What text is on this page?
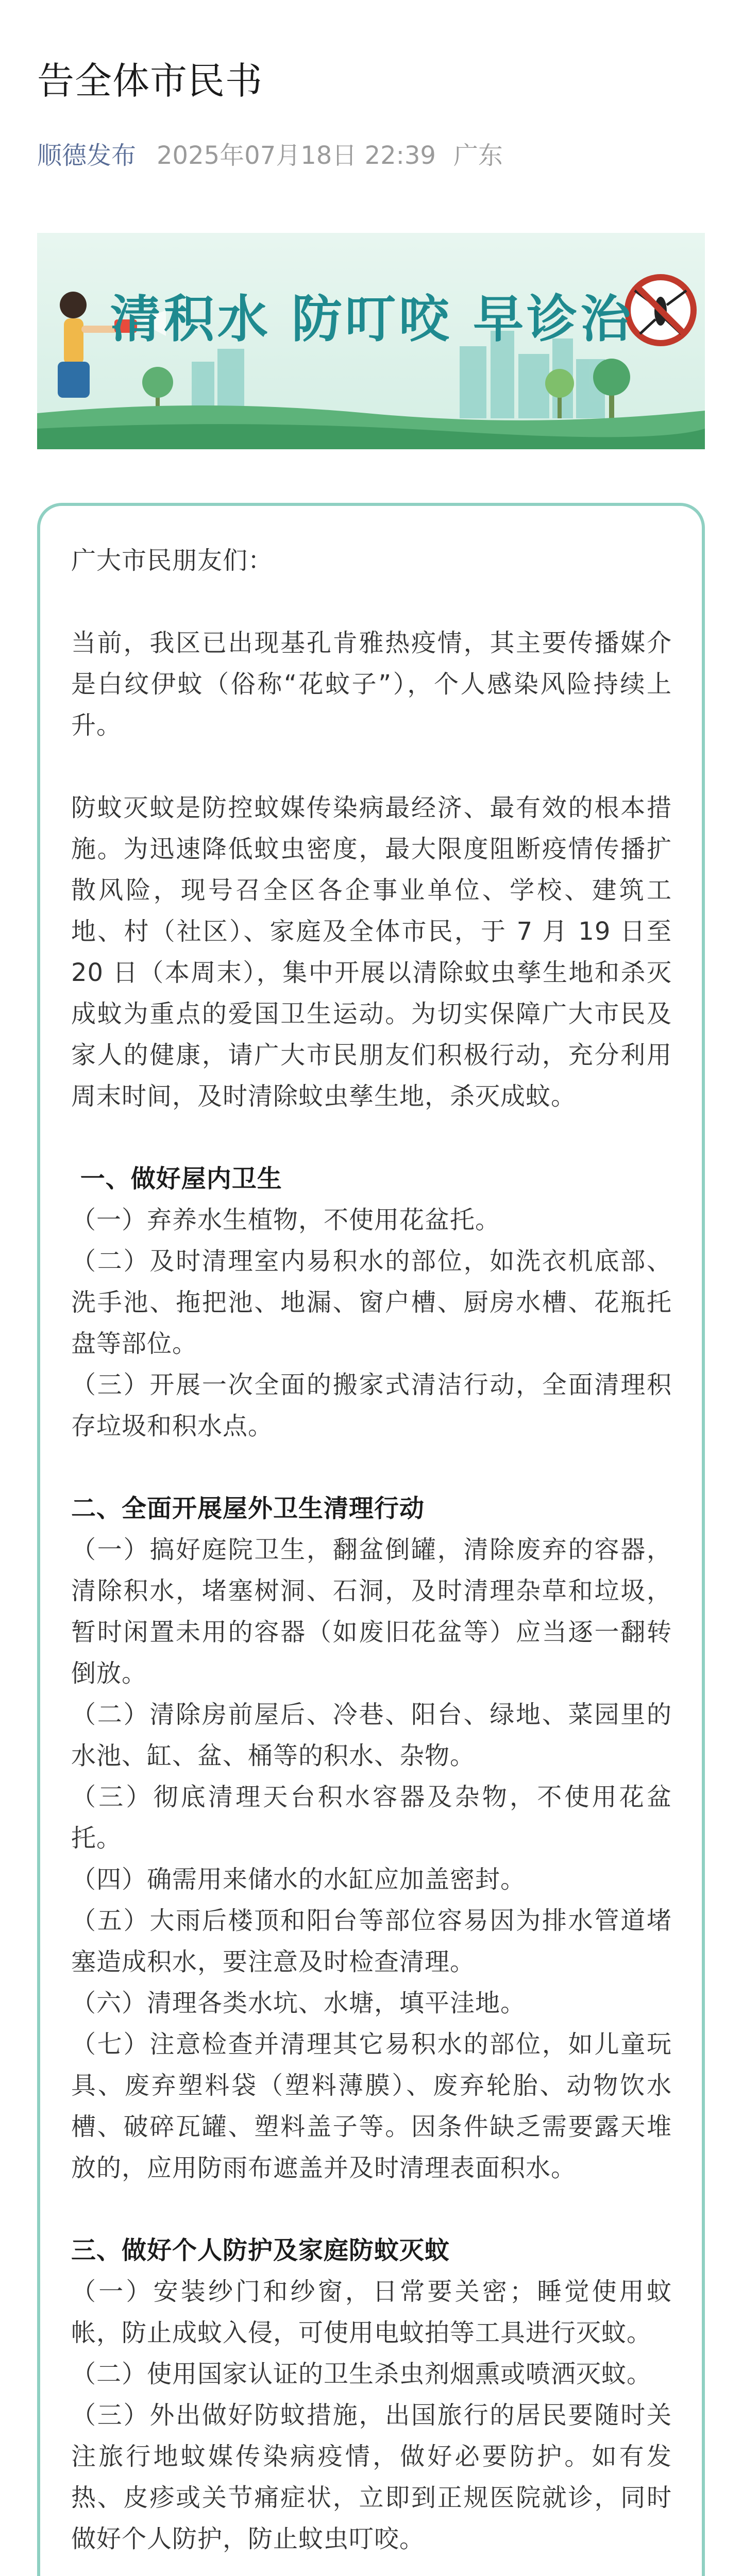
告全体市民书
顺德发布 2025年07月18日 22:39 广东
清积水 防叮咬 早诊治

广大市民朋友们：

当前，我区已出现基孔肯雅热疫情，其主要传播媒介是白纹伊蚊（俗称“花蚊子”），个人感染风险持续上升。

防蚊灭蚊是防控蚊媒传染病最经济、最有效的根本措施。为迅速降低蚊虫密度，最大限度阻断疫情传播扩散风险，现号召全区各企事业单位、学校、建筑工地、村（社区）、家庭及全体市民，于 7 月 19 日至 20 日（本周末），集中开展以清除蚊虫孳生地和杀灭成蚊为重点的爱国卫生运动。为切实保障广大市民及家人的健康，请广大市民朋友们积极行动，充分利用周末时间，及时清除蚊虫孳生地，杀灭成蚊。

一、做好屋内卫生

（一）弃养水生植物，不使用花盆托。

（二）及时清理室内易积水的部位，如洗衣机底部、洗手池、拖把池、地漏、窗户槽、厨房水槽、花瓶托盘等部位。

（三）开展一次全面的搬家式清洁行动，全面清理积存垃圾和积水点。

二、全面开展屋外卫生清理行动

（一）搞好庭院卫生，翻盆倒罐，清除废弃的容器，清除积水，堵塞树洞、石洞，及时清理杂草和垃圾，暂时闲置未用的容器（如废旧花盆等）应当逐一翻转倒放。

（二）清除房前屋后、冷巷、阳台、绿地、菜园里的水池、缸、盆、桶等的积水、杂物。

（三）彻底清理天台积水容器及杂物，不使用花盆托。

（四）确需用来储水的水缸应加盖密封。

（五）大雨后楼顶和阳台等部位容易因为排水管道堵塞造成积水，要注意及时检查清理。

（六）清理各类水坑、水塘，填平洼地。

（七）注意检查并清理其它易积水的部位，如儿童玩具、废弃塑料袋（塑料薄膜）、废弃轮胎、动物饮水槽、破碎瓦罐、塑料盖子等。因条件缺乏需要露天堆放的，应用防雨布遮盖并及时清理表面积水。

三、做好个人防护及家庭防蚊灭蚊

（一）安装纱门和纱窗，日常要关密；睡觉使用蚊帐，防止成蚊入侵，可使用电蚊拍等工具进行灭蚊。

（二）使用国家认证的卫生杀虫剂烟熏或喷洒灭蚊。

（三）外出做好防蚊措施，出国旅行的居民要随时关注旅行地蚊媒传染病疫情，做好必要防护。如有发热、皮疹或关节痛症状，立即到正规医院就诊，同时做好个人防护，防止蚊虫叮咬。
